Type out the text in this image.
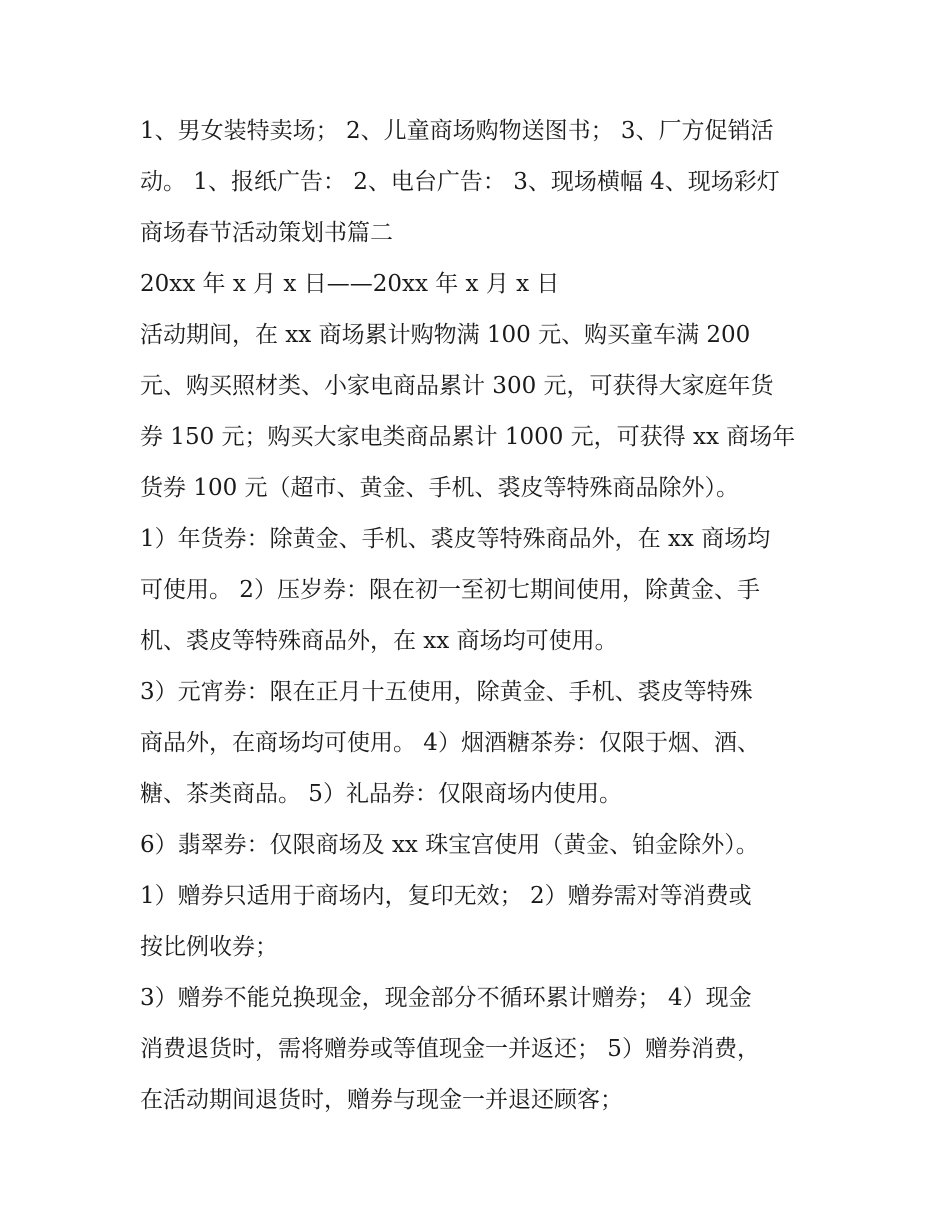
1、男女装特卖场； 2、儿童商场购物送图书； 3、厂方促销活
动。 1、报纸广告： 2、电台广告： 3、现场横幅 4、现场彩灯
商场春节活动策划书篇二
20xx 年 x 月 x 日——20xx 年 x 月 x 日
活动期间，在 xx 商场累计购物满 100 元、购买童车满 200
元、购买照材类、小家电商品累计 300 元，可获得大家庭年货
券 150 元；购买大家电类商品累计 1000 元，可获得 xx 商场年
货券 100 元（超市、黄金、手机、裘皮等特殊商品除外）。
1）年货券：除黄金、手机、裘皮等特殊商品外，在 xx 商场均
可使用。 2）压岁券：限在初一至初七期间使用，除黄金、手
机、裘皮等特殊商品外，在 xx 商场均可使用。
3）元宵券：限在正月十五使用，除黄金、手机、裘皮等特殊
商品外，在商场均可使用。 4）烟酒糖茶券：仅限于烟、酒、
糖、茶类商品。 5）礼品券：仅限商场内使用。
6）翡翠券：仅限商场及 xx 珠宝宫使用（黄金、铂金除外）。
1）赠券只适用于商场内，复印无效； 2）赠券需对等消费或
按比例收券；
3）赠券不能兑换现金，现金部分不循环累计赠券； 4）现金
消费退货时，需将赠券或等值现金一并返还； 5）赠券消费，
在活动期间退货时，赠券与现金一并退还顾客；
